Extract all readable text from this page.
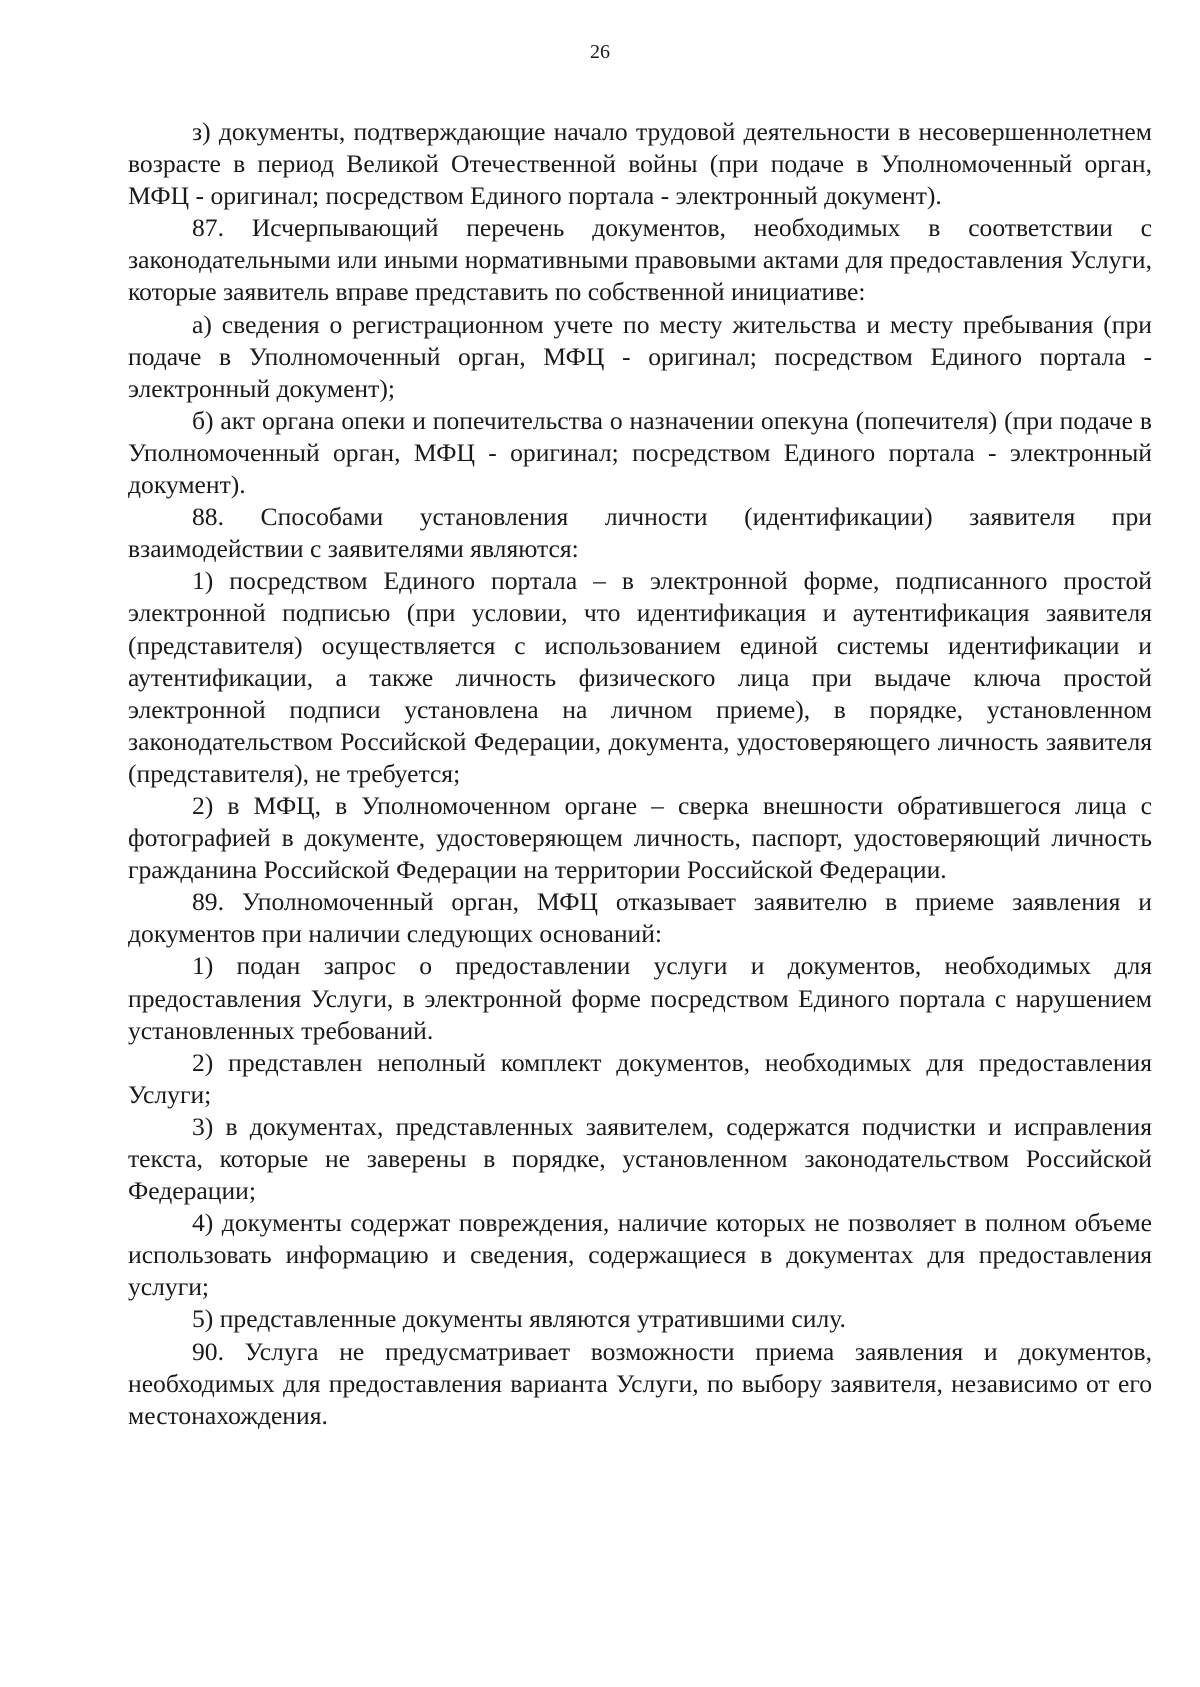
26

з) документы, подтверждающие начало трудовой деятельности в несовершеннолетнем возрасте в период Великой Отечественной войны (при подаче в Уполномоченный орган, МФЦ - оригинал; посредством Единого портала - электронный документ).

87. Исчерпывающий перечень документов, необходимых в соответствии с законодательными или иными нормативными правовыми актами для предоставления Услуги, которые заявитель вправе представить по собственной инициативе:

а) сведения о регистрационном учете по месту жительства и месту пребывания (при подаче в Уполномоченный орган, МФЦ - оригинал; посредством Единого портала - электронный документ);

б) акт органа опеки и попечительства о назначении опекуна (попечителя) (при подаче в Уполномоченный орган, МФЦ - оригинал; посредством Единого портала - электронный документ).

88. Способами установления личности (идентификации) заявителя при взаимодействии с заявителями являются:

1) посредством Единого портала – в электронной форме, подписанного простой электронной подписью (при условии, что идентификация и аутентификация заявителя (представителя) осуществляется с использованием единой системы идентификации и аутентификации, а также личность физического лица при выдаче ключа простой электронной подписи установлена на личном приеме), в порядке, установленном законодательством Российской Федерации, документа, удостоверяющего личность заявителя (представителя), не требуется;

2) в МФЦ, в Уполномоченном органе – сверка внешности обратившегося лица с фотографией в документе, удостоверяющем личность, паспорт, удостоверяющий личность гражданина Российской Федерации на территории Российской Федерации.

89. Уполномоченный орган, МФЦ отказывает заявителю в приеме заявления и документов при наличии следующих оснований:

1) подан запрос о предоставлении услуги и документов, необходимых для предоставления Услуги, в электронной форме посредством Единого портала с нарушением установленных требований.

2) представлен неполный комплект документов, необходимых для предоставления Услуги;

3) в документах, представленных заявителем, содержатся подчистки и исправления текста, которые не заверены в порядке, установленном законодательством Российской Федерации;

4) документы содержат повреждения, наличие которых не позволяет в полном объеме использовать информацию и сведения, содержащиеся в документах для предоставления услуги;

5) представленные документы являются утратившими силу.

90. Услуга не предусматривает возможности приема заявления и документов, необходимых для предоставления варианта Услуги, по выбору заявителя, независимо от его местонахождения.
